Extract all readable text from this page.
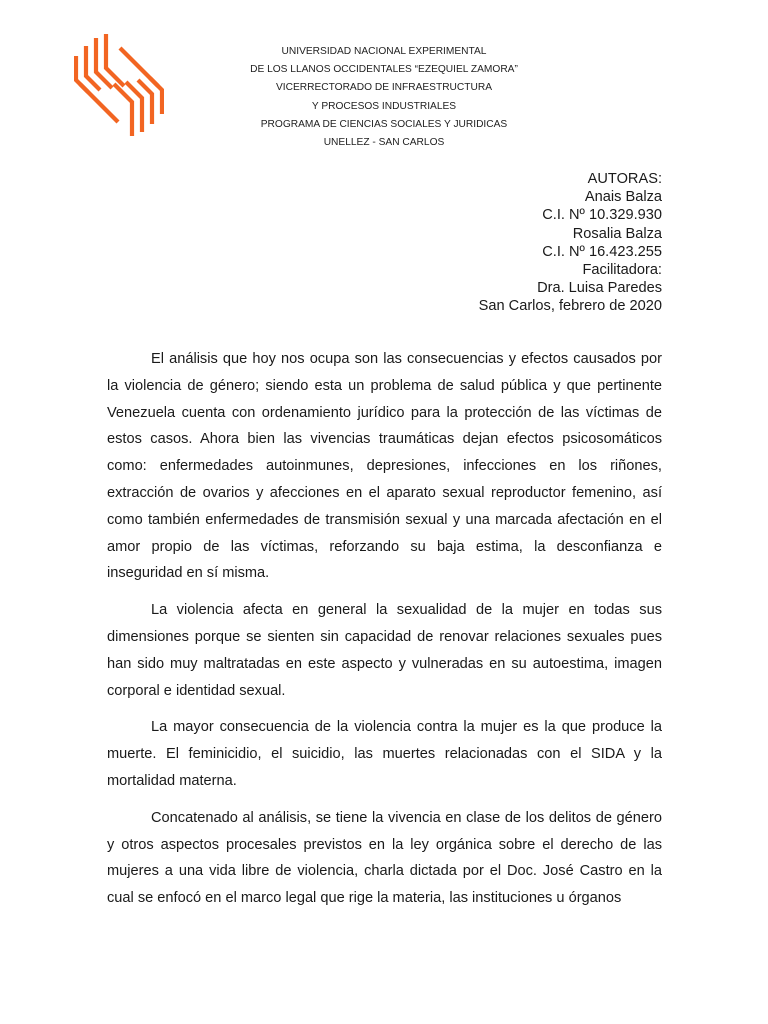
UNIVERSIDAD NACIONAL EXPERIMENTAL
DE LOS LLANOS OCCIDENTALES “EZEQUIEL ZAMORA”
VICERRECTORADO DE INFRAESTRUCTURA
Y PROCESOS INDUSTRIALES
PROGRAMA DE CIENCIAS SOCIALES Y JURIDICAS
UNELLEZ - SAN CARLOS
AUTORAS:
Anais Balza
C.I. Nº 10.329.930
Rosalia Balza
C.I. Nº 16.423.255
Facilitadora:
Dra. Luisa Paredes
San Carlos, febrero de 2020

El análisis que hoy nos ocupa son las consecuencias y efectos causados por la violencia de género; siendo esta un problema de salud pública y que pertinente Venezuela cuenta con ordenamiento jurídico para la protección de las víctimas de estos casos. Ahora bien las vivencias traumáticas dejan efectos psicosomáticos como: enfermedades autoinmunes, depresiones, infecciones en los riñones, extracción de ovarios y afecciones en el aparato sexual reproductor femenino, así como también enfermedades de transmisión sexual y una marcada afectación en el amor propio de las víctimas, reforzando su baja estima, la desconfianza e inseguridad en sí misma.

La violencia afecta en general la sexualidad de la mujer en todas sus dimensiones porque se sienten sin capacidad de renovar relaciones sexuales pues han sido muy maltratadas en este aspecto y vulneradas en su autoestima, imagen corporal e identidad sexual.

La mayor consecuencia de la violencia contra la mujer es la que produce la muerte. El feminicidio, el suicidio, las muertes relacionadas con el SIDA y la mortalidad materna.

Concatenado al análisis, se tiene la vivencia en clase de los delitos de género y otros aspectos procesales previstos en la ley orgánica sobre el derecho de las mujeres a una vida libre de violencia, charla dictada por el Doc. José Castro en la cual se enfocó en el marco legal que rige la materia, las instituciones u órganos
